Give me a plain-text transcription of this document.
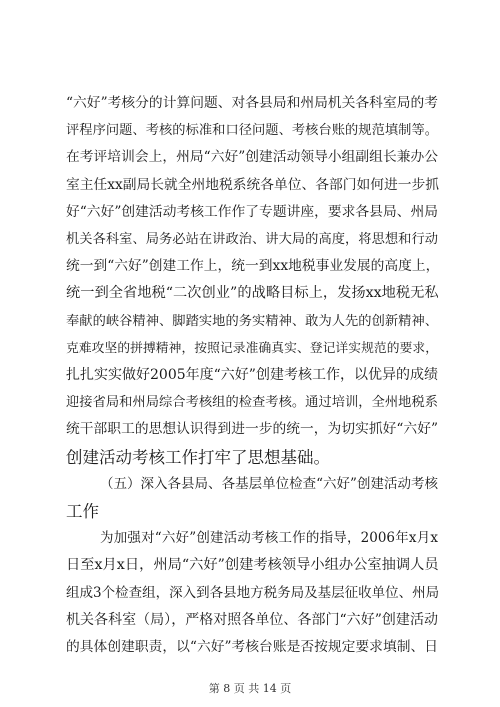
“六好”考核分的计算问题、对各县局和州局机关各科室局的考
评程序问题、考核的标准和口径问题、考核台账的规范填制等。
在考评培训会上，州局“六好”创建活动领导小组副组长兼办公
室主任xx副局长就全州地税系统各单位、各部门如何进一步抓
好“六好”创建活动考核工作作了专题讲座，要求各县局、州局
机关各科室、局务必站在讲政治、讲大局的高度，将思想和行动
统一到“六好”创建工作上，统一到xx地税事业发展的高度上，
统一到全省地税“二次创业”的战略目标上，发扬xx地税无私
奉献的峡谷精神、脚踏实地的务实精神、敢为人先的创新精神、
克难攻坚的拼搏精神，按照记录准确真实、登记详实规范的要求，
扎扎实实做好2005年度“六好”创建考核工作，以优异的成绩
迎接省局和州局综合考核组的检查考核。通过培训，全州地税系
统干部职工的思想认识得到进一步的统一，为切实抓好“六好”
创建活动考核工作打牢了思想基础。
（五）深入各县局、各基层单位检查“六好”创建活动考核
工作
为加强对“六好”创建活动考核工作的指导，2006年x月x
日至x月x日，州局“六好”创建考核领导小组办公室抽调人员
组成3个检查组，深入到各县地方税务局及基层征收单位、州局
机关各科室（局），严格对照各单位、各部门“六好”创建活动
的具体创建职责，以“六好”考核台账是否按规定要求填制、日
第 8 页 共 14 页
